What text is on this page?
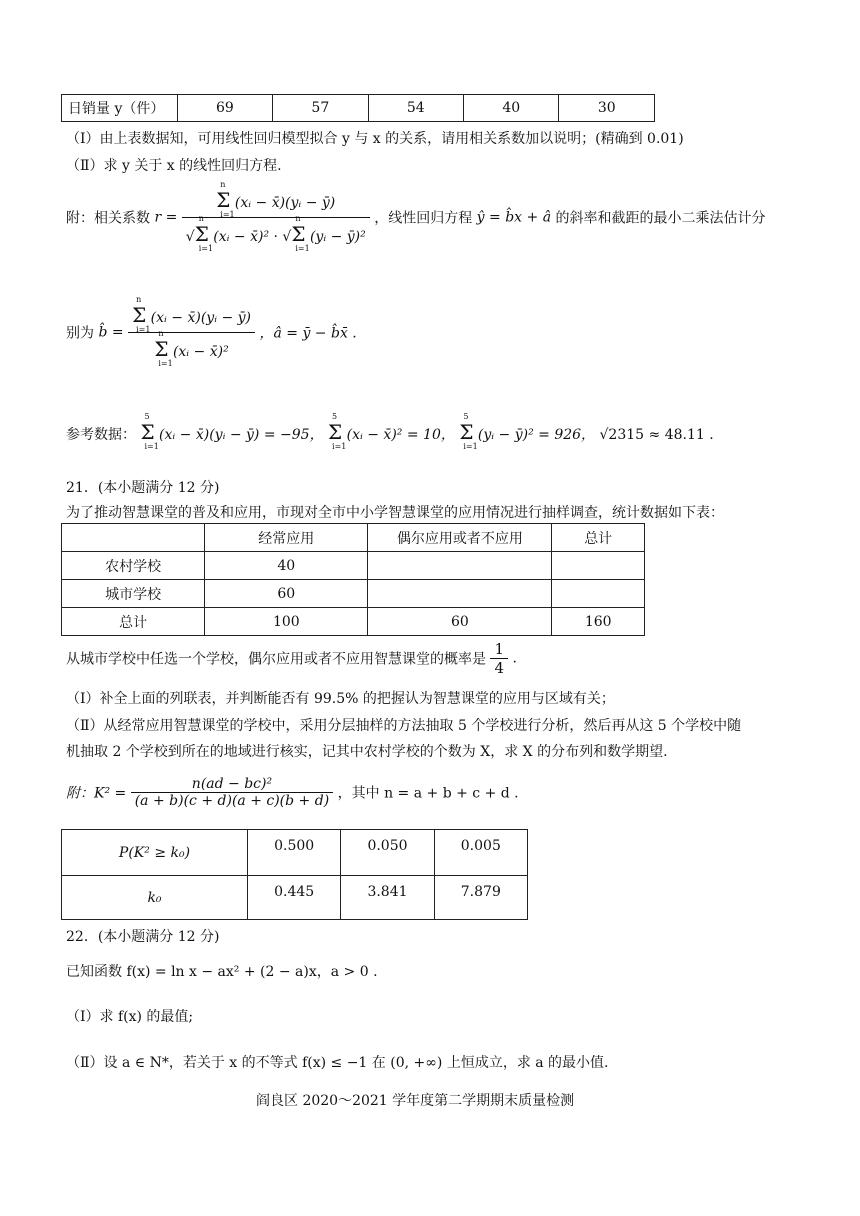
日销量 y（件）	69	57	54	40	30
（Ⅰ）由上表数据知，可用线性回归模型拟合 y 与 x 的关系，请用相关系数加以说明；(精确到 0.01)
（Ⅱ）求 y 关于 x 的线性回归方程.
附：相关系数 r = Σ
n
i=1
(xᵢ − x̄)(yᵢ − ȳ)
√Σ
n
i=1
(xᵢ − x̄)² · √Σ
n
i=1
(yᵢ − ȳ)² ，线性回归方程 ŷ = b̂x + â 的斜率和截距的最小二乘法估计分
别为 b̂ = Σ
n
i=1
(xᵢ − x̄)(yᵢ − ȳ)
Σ
n
i=1
(xᵢ − x̄)² ，â = ȳ − b̂x̄ .
参考数据： Σ
5
i=1
(xᵢ − x̄)(yᵢ − ȳ) = −95， Σ
5
i=1
(xᵢ − x̄)² = 10， Σ
5
i=1
(yᵢ − ȳ)² = 926， √2315 ≈ 48.11 .
21．(本小题满分 12 分)
为了推动智慧课堂的普及和应用，市现对全市中小学智慧课堂的应用情况进行抽样调查，统计数据如下表：
	经常应用	偶尔应用或者不应用	总计
农村学校	40		
城市学校	60		
总计	100	60	160
从城市学校中任选一个学校，偶尔应用或者不应用智慧课堂的概率是 $\frac{1}{4}$ .
（Ⅰ）补全上面的列联表，并判断能否有 99.5% 的把握认为智慧课堂的应用与区域有关；
（Ⅱ）从经常应用智慧课堂的学校中，采用分层抽样的方法抽取 5 个学校进行分析，然后再从这 5 个学校中随
机抽取 2 个学校到所在的地域进行核实，记其中农村学校的个数为 X，求 X 的分布列和数学期望.
附：$K^2 = \frac{\text{n(ad − bc)²}}{(a + b)(c + d)(a + c)(b + d)}$ ，其中 n = a + b + c + d .
P(K² ≥ k₀)	0.500	0.050	0.005
k₀	0.445	3.841	7.879
22．(本小题满分 12 分)
已知函数 f(x) = ln x − ax² + (2 − a)x，a > 0 .
（Ⅰ）求 f(x) 的最值;
（Ⅱ）设 a ∈ N*，若关于 x 的不等式 f(x) ≤ −1 在 (0, +∞) 上恒成立，求 a 的最小值.
阎良区 2020～2021 学年度第二学期期末质量检测
